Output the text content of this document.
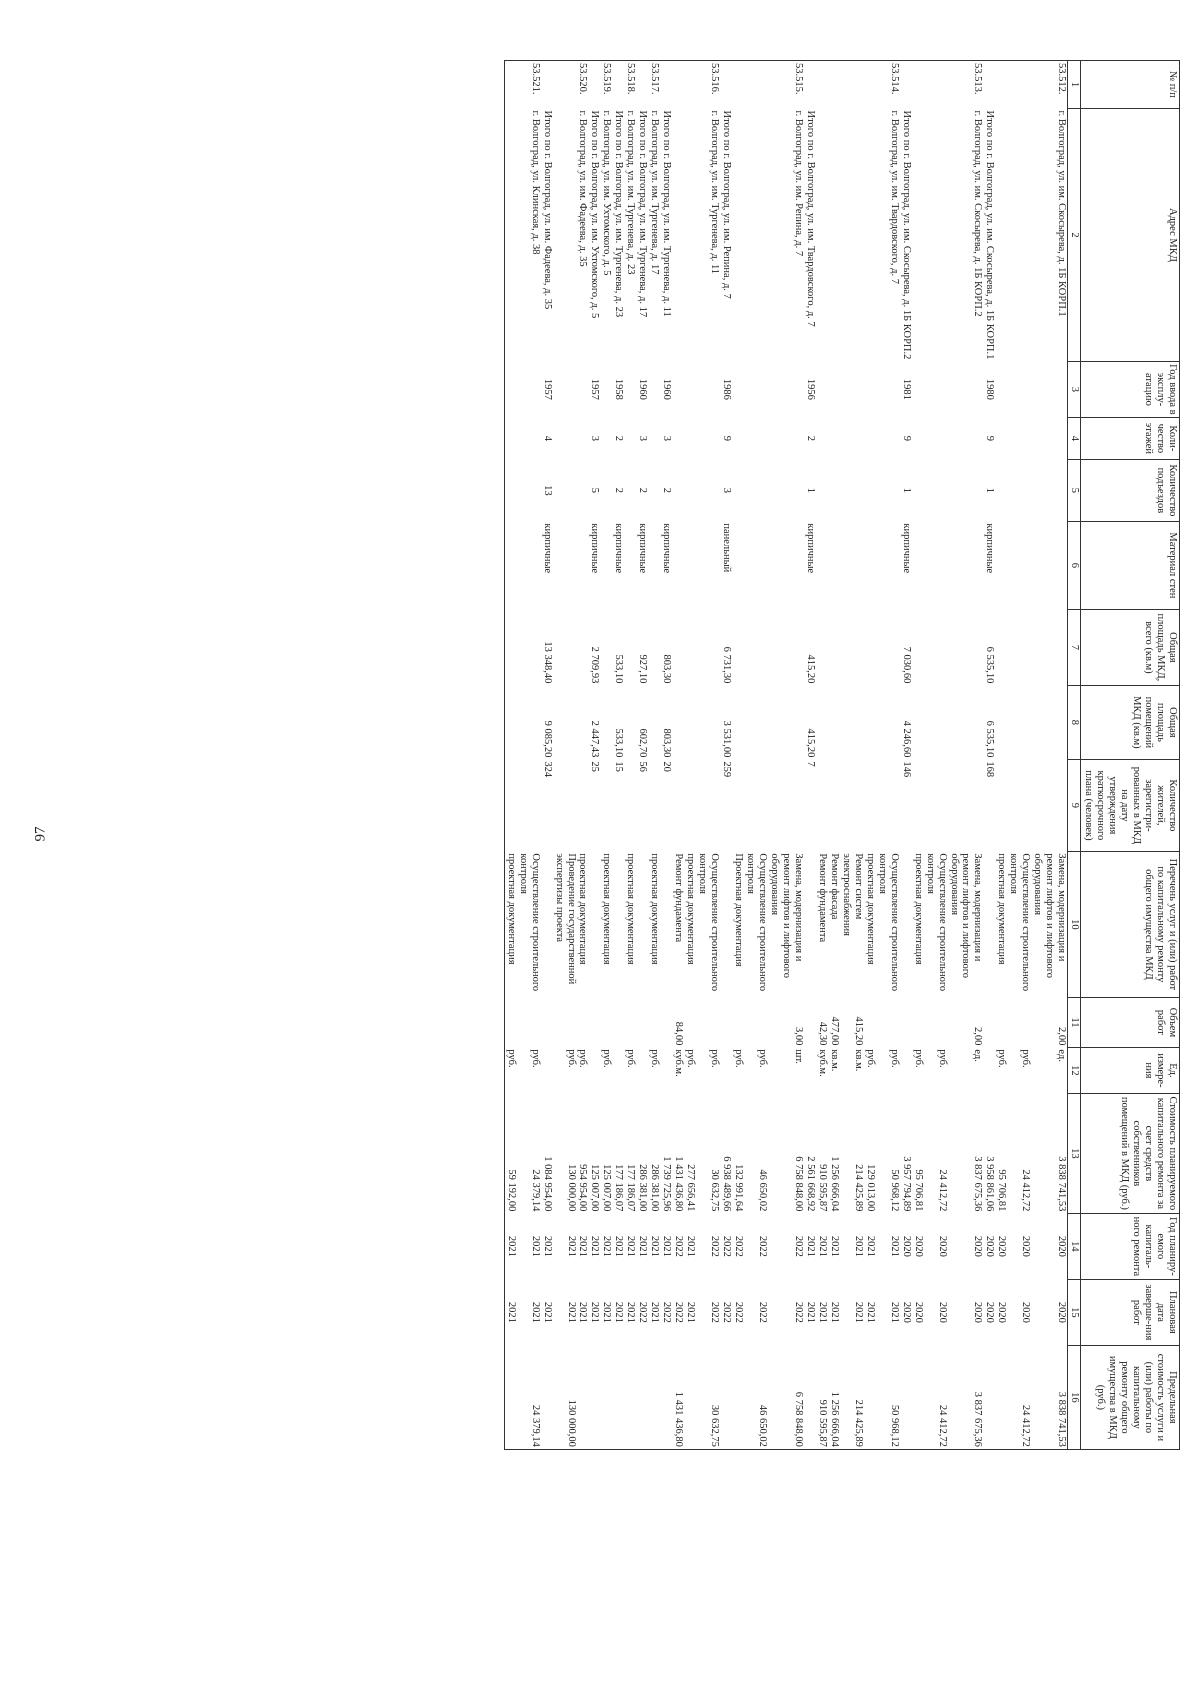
97
№ п/п	Адрес МКД	Год ввода в эксплу-атацию	Коли-чество этажей	Количество подъездов	Материал стен	Общая площадь МКД, всего (кв.м)	Общая площадь помещений МКД (кв.м)	Количество жителей, зарегистри-рованных в МКД на дату утверждения краткосрочного плана (человек)	Перечень услуг и (или) работ по капитальному ремонту общего имущества МКД	Объем работ	Ед. измере-ния	Стоимость планируемого капитального ремонта за счет средств собственников помещений в МКД (руб.)	Год планиру-емого капиталь-ного ремонта	Плановая дата заверше-ния работ	Предельная стоимость услуги и (или) работы по капитальному ремонту общего имущества в МКД (руб.)
1	2	3	4	5	6	7	8	9	10	11	12	13	14	15	16
53.512.	г. Волгоград, ул. им. Скосырева, д. 1Б КОРП.1								Замена, модернизация и ремонт лифтов и лифтового оборудования	2,00	ед.	3 838 741,53	2020	2020	3 838 741,53
									Осуществление строительного контроля		руб.	24 412,72	2020	2020	24 412,72
									проектная документация		руб.	95 706,81	2020	2020	
	Итого по г. Волгоград, ул. им. Скосырева, д. 1Б КОРП.1	1980	9	1	кирпичные	6 535,10	6 535,10	168				3 958 861,06	2020	2020	
53.513.	г. Волгоград, ул. им. Скосырева, д. 1Б КОРП.2								Замена, модернизация и ремонт лифтов и лифтового оборудования	2,00	ед.	3 837 675,36	2020	2020	3 837 675,36
									Осуществление строительного контроля		руб.	24 412,72	2020	2020	24 412,72
									проектная документация		руб.	95 706,81	2020	2020	
	Итого по г. Волгоград, ул. им. Скосырева, д. 1Б КОРП.2	1981	9	1	кирпичные	7 030,60	4 246,60	146				3 957 794,89	2020	2020	
53.514.	г. Волгоград, ул. им. Твардовского, д. 7								Осуществление строительного контроля		руб.	50 968,12	2021	2021	50 968,12
									проектная документация		руб.	129 013,00	2021	2021	
									Ремонт систем электроснабжения	415,20	кв.м.	214 425,89	2021	2021	214 425,89
									Ремонт фасада	477,00	кв.м.	1 256 666,04	2021	2021	1 256 666,04
									Ремонт фундамента	42,30	куб.м.	910 595,87	2021	2021	910 595,87
	Итого по г. Волгоград, ул. им. Твардовского, д. 7	1956	2	1	кирпичные	415,20	415,20	7				2 561 668,92	2021	2021	
53.515.	г. Волгоград, ул. им. Репина, д. 7								Замена, модернизация и ремонт лифтов и лифтового оборудования	3,00	шт.	6 758 848,00	2022	2022	6 758 848,00
									Осуществление строительного контроля		руб.	46 650,02	2022	2022	46 650,02
									Проектная документация		руб.	132 991,64	2022	2022	
	Итого по г. Волгоград, ул. им. Репина, д. 7	1986	9	3	панельный	6 731,30	3 531,00	259				6 938 489,66	2022	2022	
53.516.	г. Волгоград, ул. им. Тургенева, д. 11								Осуществление строительного контроля		руб.	30 632,75	2022	2022	30 632,75
									проектная документация		руб.	277 656,41	2021	2021	
									Ремонт фундамента	84,00	куб.м.	1 431 436,80	2022	2022	1 431 436,80
	Итого по г. Волгоград, ул. им. Тургенева, д. 11	1960	3	2	кирпичные	803,30	803,30	20				1 739 725,96	2021	2022	
53.517.	г. Волгоград, ул. им. Тургенева, д. 17								проектная документация		руб.	286 381,00	2021	2021	
	Итого по г. Волгоград, ул. им. Тургенева, д. 17	1960	3	2	кирпичные	927,10	602,70	56				286 381,00	2021	2022	
53.518.	г. Волгоград, ул. им. Тургенева, д. 23								проектная документация		руб.	177 186,07	2021	2021	
	Итого по г. Волгоград, ул. им. Тургенева, д. 23	1958	2	2	кирпичные	533,10	533,10	15				177 186,07	2021	2021	
53.519.	г. Волгоград, ул. им. Ухтомского, д. 5								проектная документация		руб.	125 007,00	2021	2021	
	Итого по г. Волгоград, ул. им. Ухтомского, д. 5	1957	3	5	кирпичные	2 709,93	2 447,43	25				125 007,00	2021	2021	
53.520.	г. Волгоград, ул. им. Фадеева, д. 35								проектная документация		руб.	954 954,00	2021	2021	
									Проведение государственной экспертизы проекта		руб.	130 000,00	2021	2021	130 000,00
	Итого по г. Волгоград, ул. им. Фадеева, д. 35	1957	4	13	кирпичные	13 348,40	9 085,20	324				1 084 954,00	2021	2021	
53.521.	г. Волгоград, ул. Клинская, д. 38								Осуществление строительного контроля		руб.	24 379,14	2021	2021	24 379,14
									проектная документация		руб.	59 192,00	2021	2021	
